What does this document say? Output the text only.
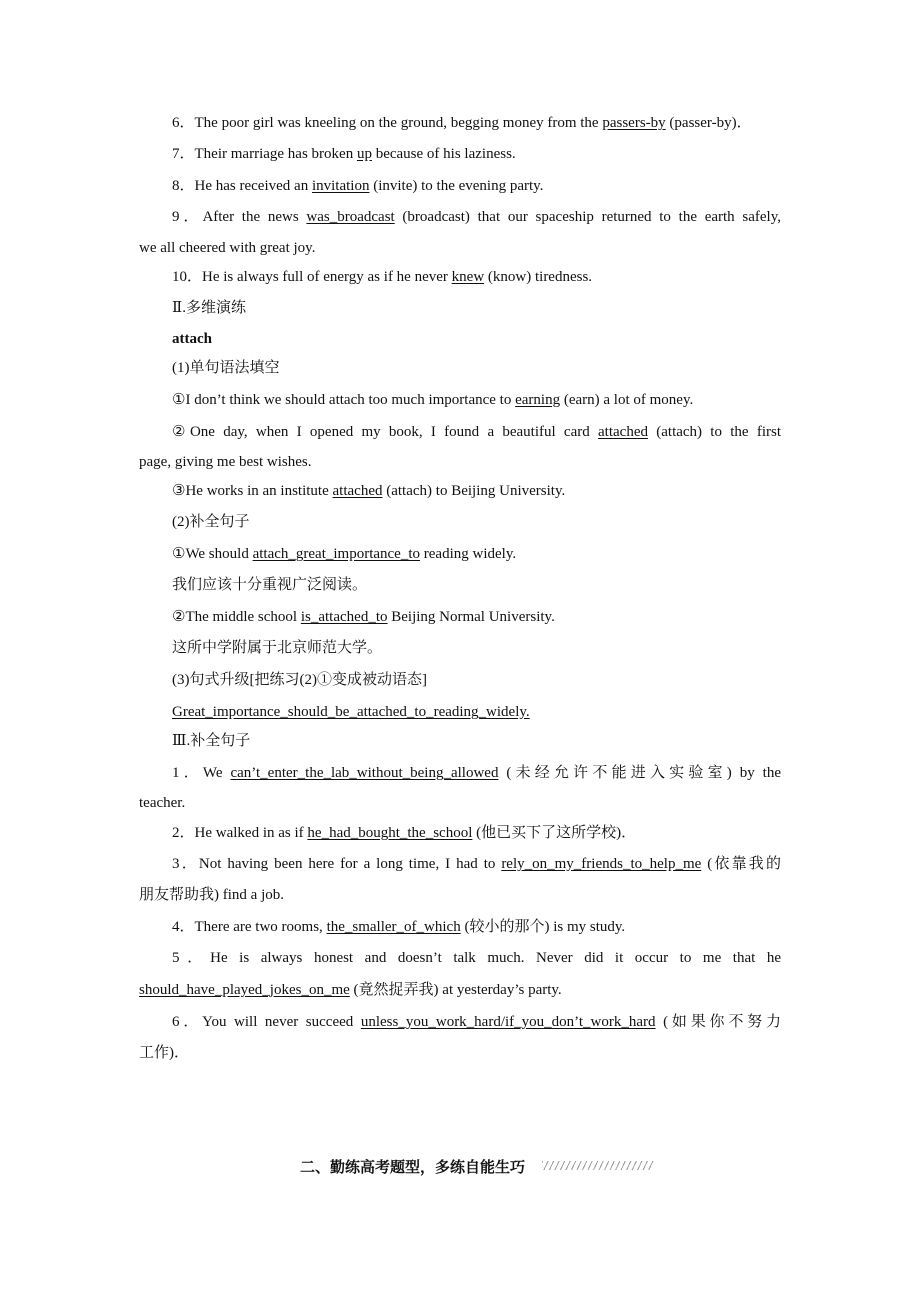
6．The poor girl was kneeling on the ground, begging money from the passers-by (passer-by)．
7．Their marriage has broken up because of his laziness.
8．He has received an invitation (invite) to the evening party.
9．After the news was_broadcast (broadcast) that our spaceship returned to the earth safely,
we all cheered with great joy.
10．He is always full of energy as if he never knew (know) tiredness.
Ⅱ.多维演练
attach
(1)单句语法填空
①I don’t think we should attach too much importance to earning (earn) a lot of money.
②One day, when I opened my book, I found a beautiful card attached (attach) to the first
page, giving me best wishes.
③He works in an institute attached (attach) to Beijing University.
(2)补全句子
①We should attach_great_importance_to reading widely.
我们应该十分重视广泛阅读。
②The middle school is_attached_to Beijing Normal University.
这所中学附属于北京师范大学。
(3)句式升级[把练习(2)①变成被动语态]
Great_importance_should_be_attached_to_reading_widely.
Ⅲ.补全句子
1．We can’t_enter_the_lab_without_being_allowed (未经允许不能进入实验室) by the
teacher.
2．He walked in as if he_had_bought_the_school (他已买下了这所学校)．
3．Not having been here for a long time, I had to rely_on_my_friends_to_help_me (依靠我的
朋友帮助我) find a job.
4．There are two rooms, the_smaller_of_which (较小的那个) is my study.
5．He is always honest and doesn’t talk much. Never did it occur to me that he
should_have_played_jokes_on_me (竟然捉弄我) at yesterday’s party.
6．You will never succeed unless_you_work_hard/if_you_don’t_work_hard (如果你不努力
工作)．
二、勤练高考题型，多练自能生巧
